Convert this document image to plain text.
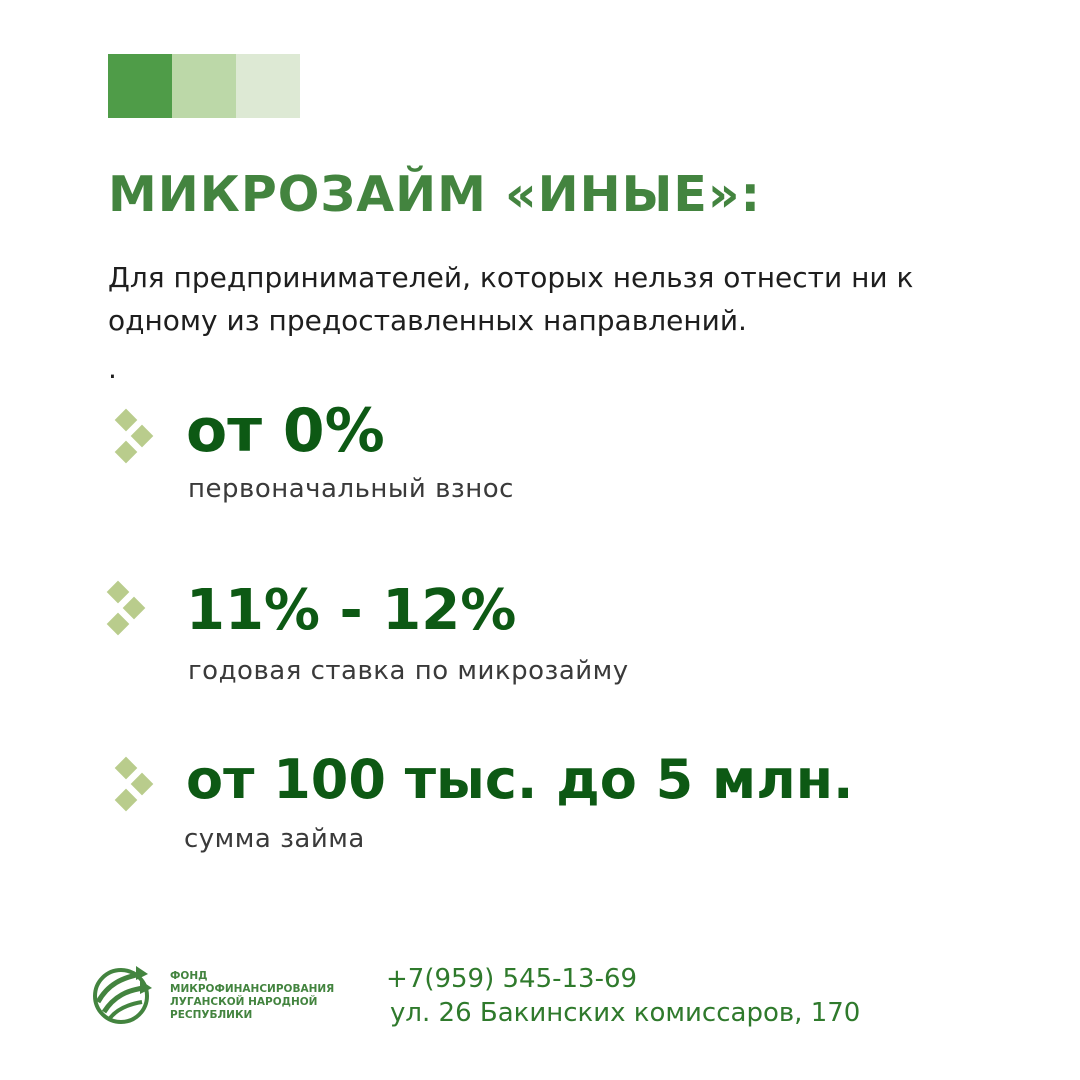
МИКРОЗАЙМ «ИНЫЕ»:

Для предпринимателей, которых нельзя отнести ни к одному из предоставленных направлений.

.

от 0%

первоначальный взнос

11% - 12%

годовая ставка по микрозайму

от 100 тыс. до 5 млн.

сумма займа

ФОНД
МИКРОФИНАНСИРОВАНИЯ
ЛУГАНСКОЙ НАРОДНОЙ
РЕСПУБЛИКИ
+7(959) 545-13-69
ул. 26 Бакинских комиссаров, 170
